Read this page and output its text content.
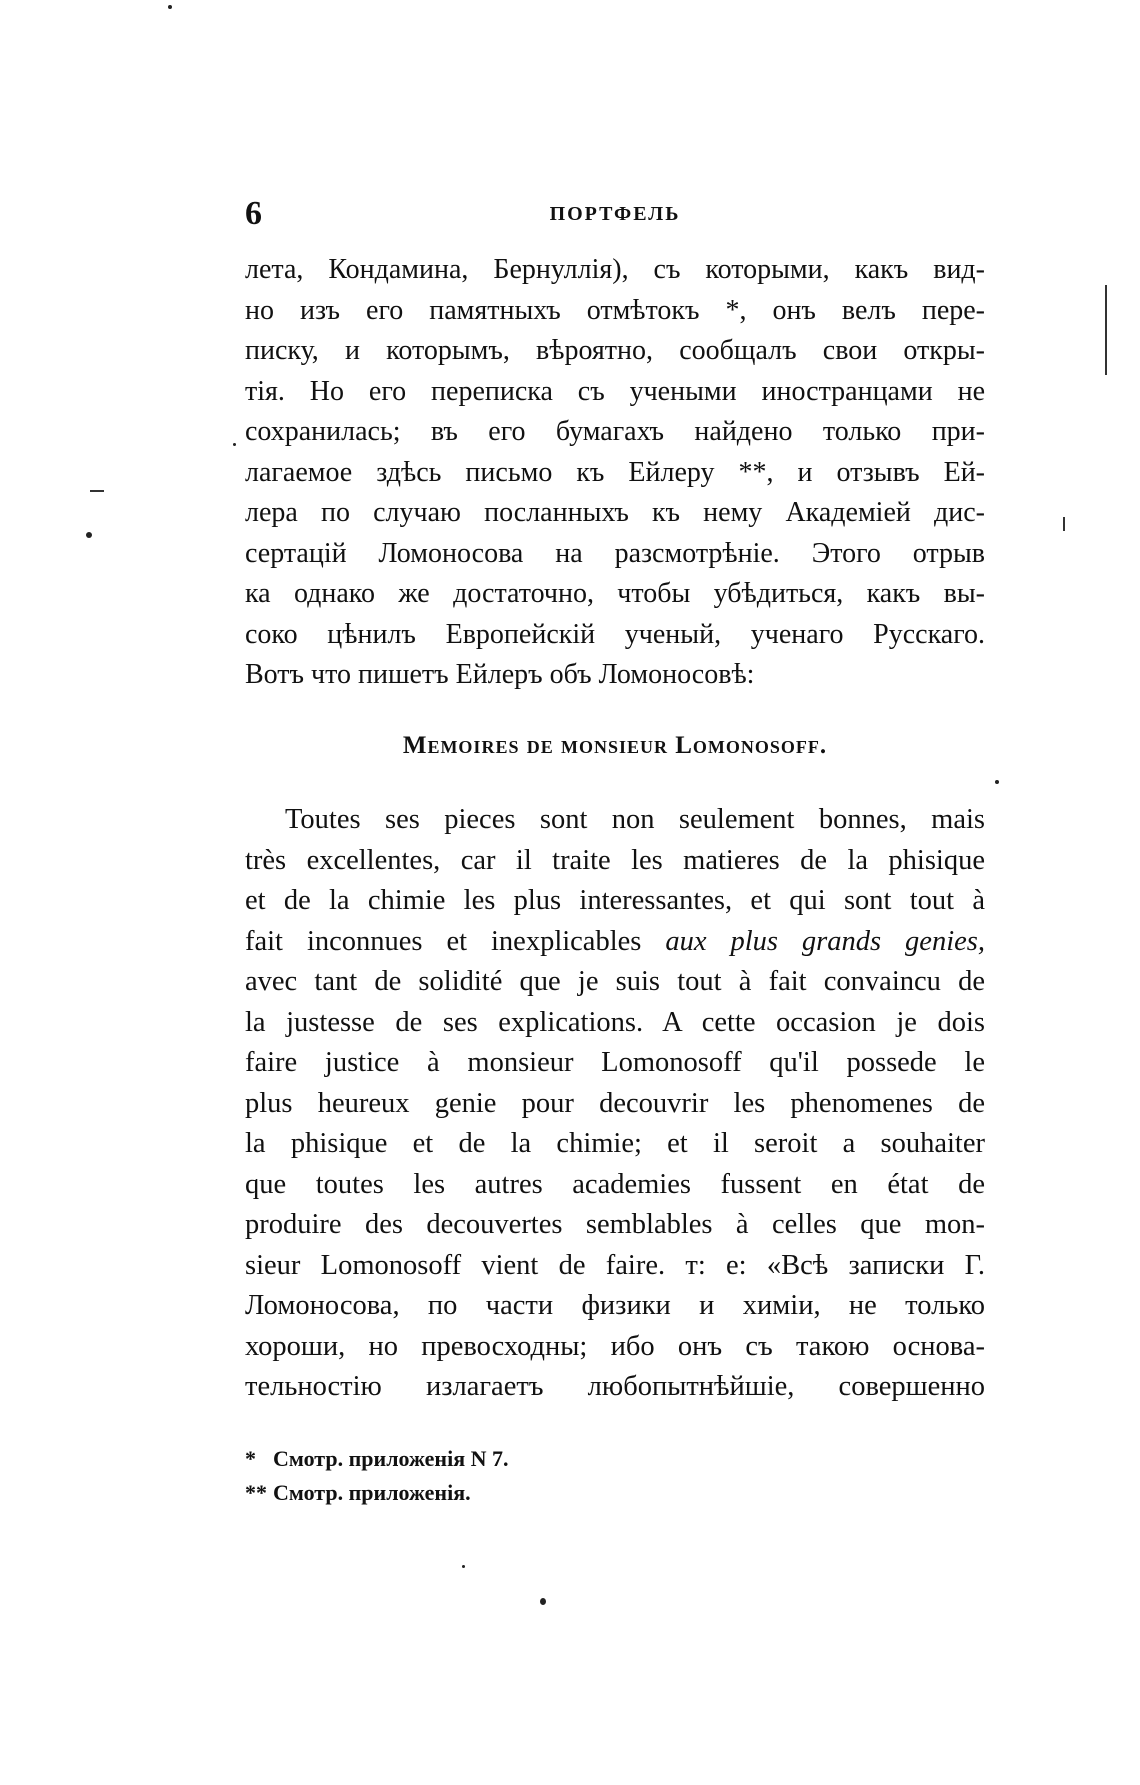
6	ПОРТФЕЛЬ
лета, Кондамина, Бернуллія), съ которыми, какъ вид-
но изъ его памятныхъ отмѣтокъ *, онъ велъ пере-
писку, и которымъ, вѣроятно, сообщалъ свои откры-
тія. Но его переписка съ учеными иностранцами не
сохранилась; въ его бумагахъ найдено только при-
лагаемое здѣсь письмо къ Ейлеру **, и отзывъ Ей-
лера по случаю посланныхъ къ нему Академіей дис-
сертацій Ломоносова на разсмотрѣніе. Этого отрыв
ка однако же достаточно, чтобы убѣдиться, какъ вы-
соко цѣнилъ Европейскій ученый, ученаго Русскаго.
Вотъ что пишетъ Ейлеръ объ Ломоносовѣ:
Memoires de monsieur Lomonosoff.
Toutes ses pieces sont non seulement bonnes, mais
très excellentes, car il traite les matieres de la phisique
et de la chimie les plus interessantes, et qui sont tout à
fait inconnues et inexplicables aux plus grands genies,
avec tant de solidité que je suis tout à fait convaincu de
la justesse de ses explications. A cette occasion je dois
faire justice à monsieur Lomonosoff qu'il possede le
plus heureux genie pour decouvrir les phenomenes de
la phisique et de la chimie; et il seroit a souhaiter
que toutes les autres academies fussent en état de
produire des decouvertes semblables à celles que mon-
sieur Lomonosoff vient de faire. т: е: «Всѣ записки Г.
Ломоносова, по части физики и химіи, не только
хороши, но превосходны; ибо онъ съ такою основа-
тельностію излагаетъ любопытнѣйшіе, совершенно
* Смотр. приложенія N 7.
** Смотр. приложенія.
